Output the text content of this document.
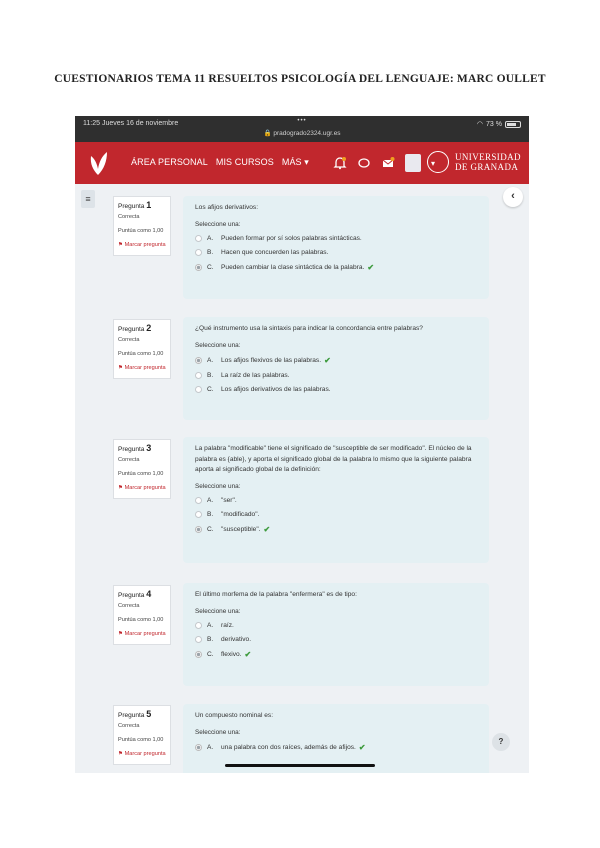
CUESTIONARIOS TEMA 11 RESUELTOS PSICOLOGÍA DEL LENGUAJE: MARC OULLET
11:25 Jueves 16 de noviembre	•••
🔒 pradogrado2324.ugr.es
◠ 73 %
ÁREA PERSONAL MIS CURSOS MÁS ▾	▾
UNIVERSIDAD
DE GRANADA
≡	‹
Pregunta 1
Correcta
Puntúa como 1,00
⚑ Marcar pregunta
Los afijos derivativos:
Seleccione una:
A.	Pueden formar por sí solos palabras sintácticas.
B.	Hacen que concuerden las palabras.
C.	Pueden cambiar la clase sintáctica de la palabra. ✔
Pregunta 2
Correcta
Puntúa como 1,00
⚑ Marcar pregunta
¿Qué instrumento usa la sintaxis para indicar la concordancia entre palabras?
Seleccione una:
A.	Los afijos flexivos de las palabras. ✔
B.	La raíz de las palabras.
C.	Los afijos derivativos de las palabras.
Pregunta 3
Correcta
Puntúa como 1,00
⚑ Marcar pregunta
La palabra "modificable" tiene el significado de "susceptible de ser modificado". El núcleo de la palabra es {able}, y aporta el significado global de la palabra lo mismo que la siguiente palabra aporta al significado global de la definición:
Seleccione una:
A.	"ser".
B.	"modificado".
C.	"susceptible". ✔
Pregunta 4
Correcta
Puntúa como 1,00
⚑ Marcar pregunta
El último morfema de la palabra "enfermera" es de tipo:
Seleccione una:
A.	raíz.
B.	derivativo.
C.	flexivo. ✔
Pregunta 5
Correcta
Puntúa como 1,00
⚑ Marcar pregunta
Un compuesto nominal es:
Seleccione una:
A.	una palabra con dos raíces, además de afijos. ✔
?
